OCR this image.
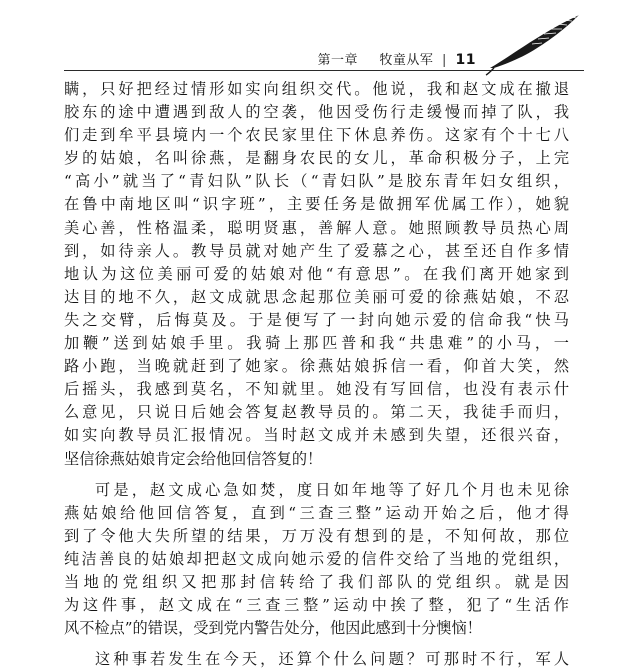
第一章 牧童从军 | 11
瞒，只好把经过情形如实向组织交代。他说，我和赵文成在撤退
胶东的途中遭遇到敌人的空袭，他因受伤行走缓慢而掉了队，我
们走到牟平县境内一个农民家里住下休息养伤。这家有个十七八
岁的姑娘，名叫徐燕，是翻身农民的女儿，革命积极分子，上完
“高小”就当了“青妇队”队长（“青妇队”是胶东青年妇女组织，
在鲁中南地区叫“识字班”，主要任务是做拥军优属工作），她貌
美心善，性格温柔，聪明贤惠，善解人意。她照顾教导员热心周
到，如待亲人。教导员就对她产生了爱慕之心，甚至还自作多情
地认为这位美丽可爱的姑娘对他“有意思”。在我们离开她家到
达目的地不久，赵文成就思念起那位美丽可爱的徐燕姑娘，不忍
失之交臂，后悔莫及。于是便写了一封向她示爱的信命我“快马
加鞭”送到姑娘手里。我骑上那匹普和我“共患难”的小马，一
路小跑，当晚就赶到了她家。徐燕姑娘拆信一看，仰首大笑，然
后摇头，我感到莫名，不知就里。她没有写回信，也没有表示什
么意见，只说日后她会答复赵教导员的。第二天，我徒手而归，
如实向教导员汇报情况。当时赵文成并未感到失望，还很兴奋，
坚信徐燕姑娘肯定会给他回信答复的！
可是，赵文成心急如焚，度日如年地等了好几个月也未见徐
燕姑娘给他回信答复，直到“三查三整”运动开始之后，他才得
到了令他大失所望的结果，万万没有想到的是，不知何故，那位
纯洁善良的姑娘却把赵文成向她示爱的信件交给了当地的党组织，
当地的党组织又把那封信转给了我们部队的党组织。就是因
为这件事，赵文成在“三查三整”运动中挨了整，犯了“生活作
风不检点”的错误，受到党内警告处分，他因此感到十分懊恼！
这种事若发生在今天，还算个什么问题？可那时不行，军人
